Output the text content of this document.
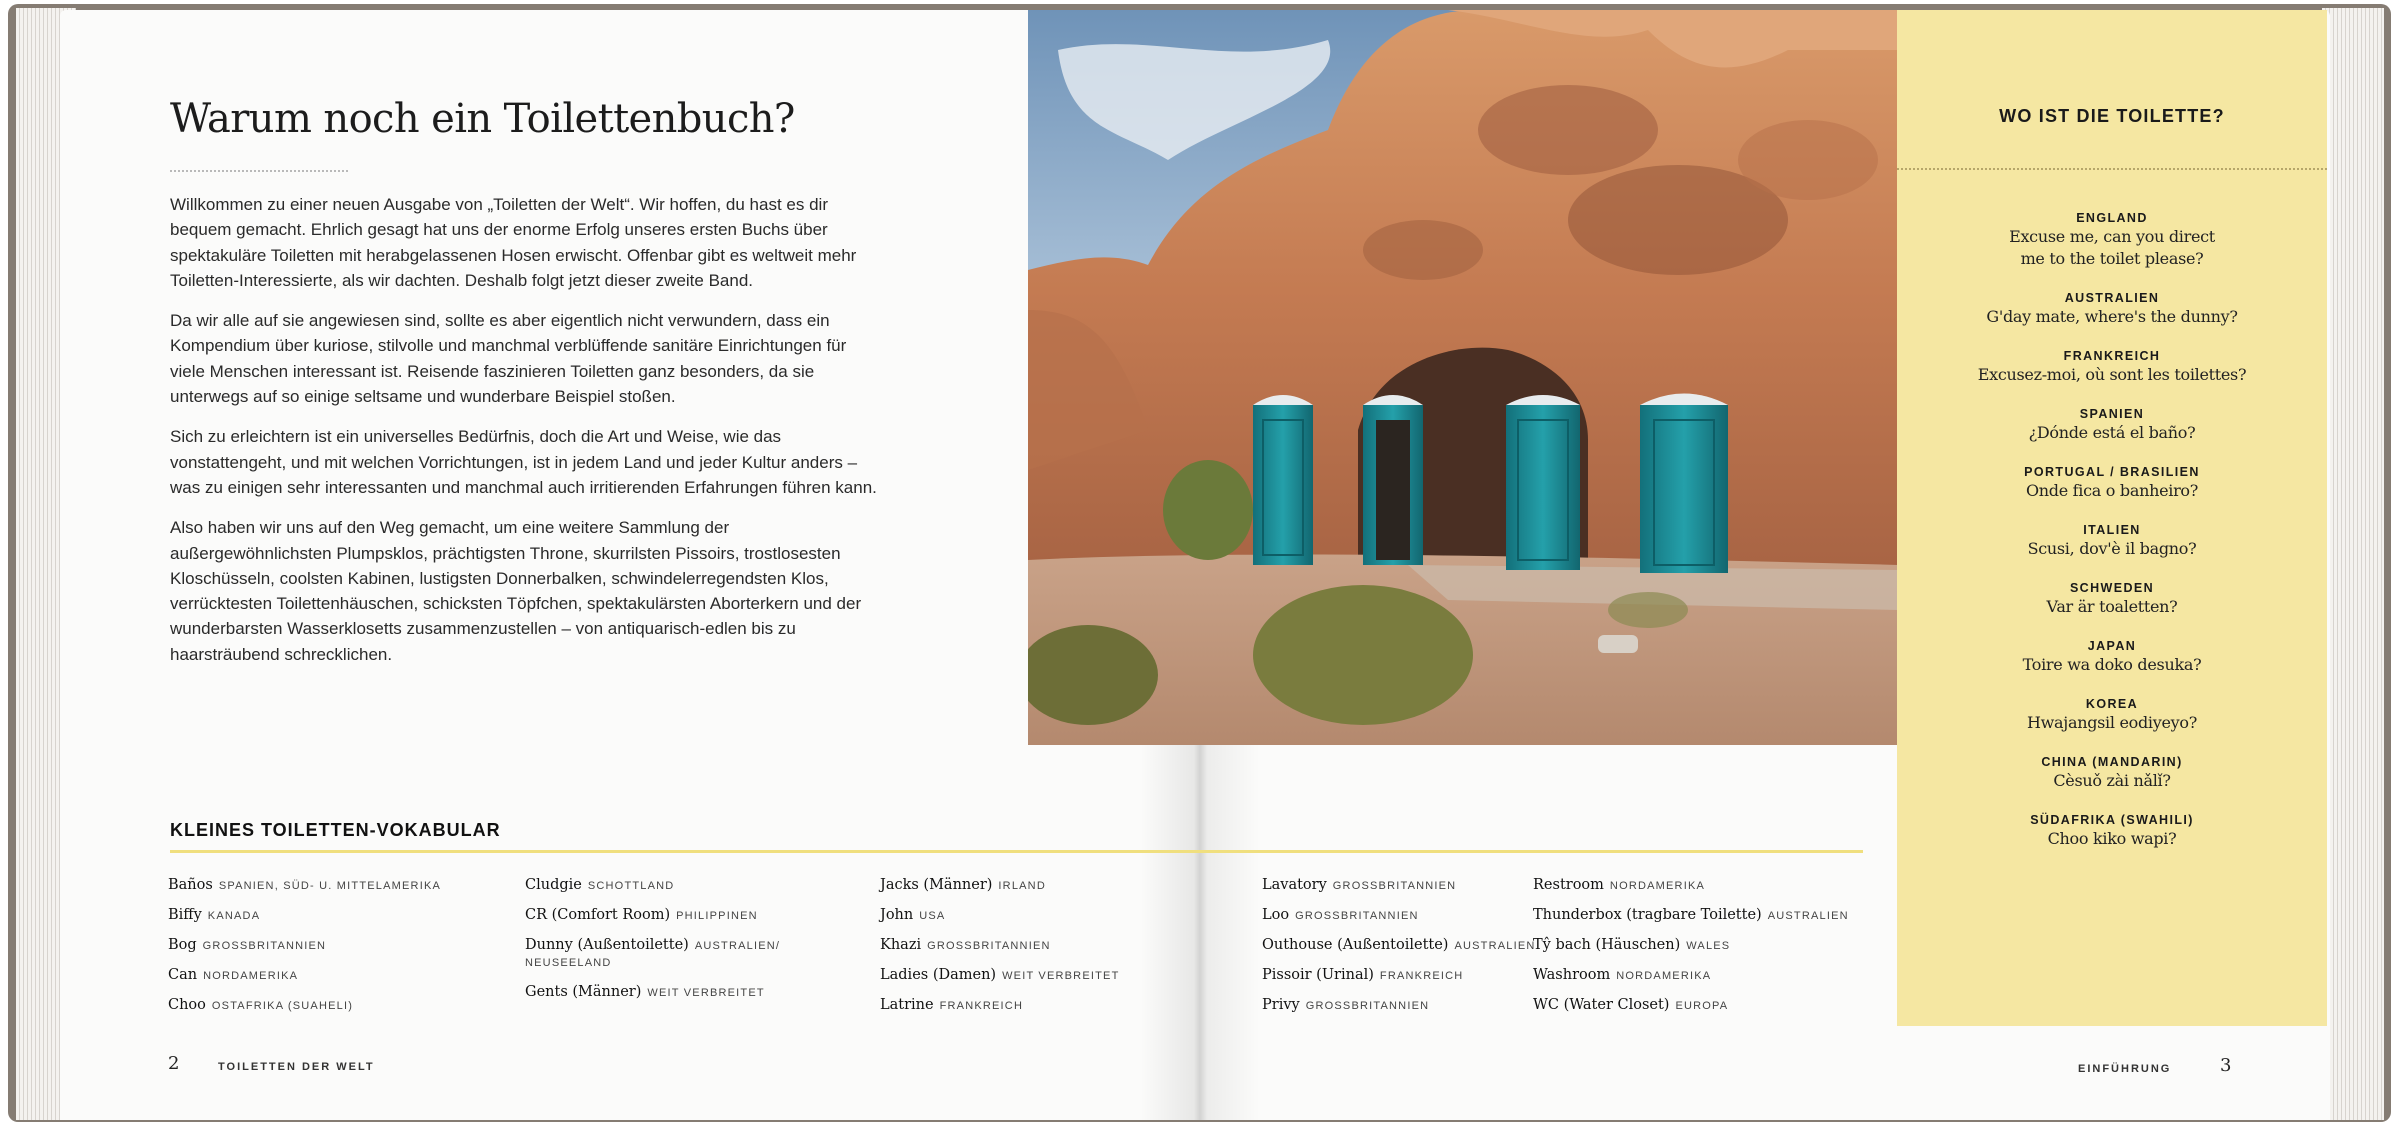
Warum noch ein Toilettenbuch?

Willkommen zu einer neuen Ausgabe von „Toiletten der Welt“. Wir hoffen, du hast es dir bequem gemacht. Ehrlich gesagt hat uns der enorme Erfolg unseres ersten Buchs über spektakuläre Toiletten mit herabgelassenen Hosen erwischt. Offenbar gibt es weltweit mehr Toiletten-Interessierte, als wir dachten. Deshalb folgt jetzt dieser zweite Band.

Da wir alle auf sie angewiesen sind, sollte es aber eigentlich nicht verwundern, dass ein Kompendium über kuriose, stilvolle und manchmal verblüffende sanitäre Einrichtungen für viele Menschen interessant ist. Reisende faszinieren Toiletten ganz besonders, da sie unterwegs auf so einige seltsame und wunderbare Beispiel stoßen.

Sich zu erleichtern ist ein universelles Bedürfnis, doch die Art und Weise, wie das vonstattengeht, und mit welchen Vorrichtungen, ist in jedem Land und jeder Kultur anders – was zu einigen sehr interessanten und manchmal auch irritierenden Erfahrungen führen kann.

Also haben wir uns auf den Weg gemacht, um eine weitere Sammlung der außergewöhnlichsten Plumpsklos, prächtigsten Throne, skurrilsten Pissoirs, trostlosesten Kloschüsseln, coolsten Kabinen, lustigsten Donnerbalken, schwindelerregendsten Klos, verrücktesten Toilettenhäuschen, schicksten Töpfchen, spektakulärsten Aborterkern und der wunderbarsten Wasserklosetts zusammenzustellen – von antiquarisch-edlen bis zu haarsträubend schrecklichen.

WO IST DIE TOILETTE?
ENGLAND
Excuse me, can you direct
me to the toilet please?
AUSTRALIEN
G'day mate, where's the dunny?
FRANKREICH
Excusez-moi, où sont les toilettes?
SPANIEN
¿Dónde está el baño?
PORTUGAL / BRASILIEN
Onde fica o banheiro?
ITALIEN
Scusi, dov'è il bagno?
SCHWEDEN
Var är toaletten?
JAPAN
Toire wa doko desuka?
KOREA
Hwajangsil eodiyeyo?
CHINA (MANDARIN)
Cèsuǒ zài nǎlǐ?
SÜDAFRIKA (SWAHILI)
Choo kiko wapi?
KLEINES TOILETTEN-VOKABULAR
Baños SPANIEN, SÜD- U. MITTELAMERIKA
Biffy KANADA
Bog GROSSBRITANNIEN
Can NORDAMERIKA
Choo OSTAFRIKA (SUAHELI)
Cludgie SCHOTTLAND
CR (Comfort Room) PHILIPPINEN
Dunny (Außentoilette) AUSTRALIEN/
NEUSEELAND
Gents (Männer) WEIT VERBREITET
Jacks (Männer) IRLAND
John USA
Khazi GROSSBRITANNIEN
Ladies (Damen) WEIT VERBREITET
Latrine FRANKREICH
Lavatory GROSSBRITANNIEN
Loo GROSSBRITANNIEN
Outhouse (Außentoilette) AUSTRALIEN
Pissoir (Urinal) FRANKREICH
Privy GROSSBRITANNIEN
Restroom NORDAMERIKA
Thunderbox (tragbare Toilette) AUSTRALIEN
Tŷ bach (Häuschen) WALES
Washroom NORDAMERIKA
WC (Water Closet) EUROPA
2	TOILETTEN DER WELT	EINFÜHRUNG	3
